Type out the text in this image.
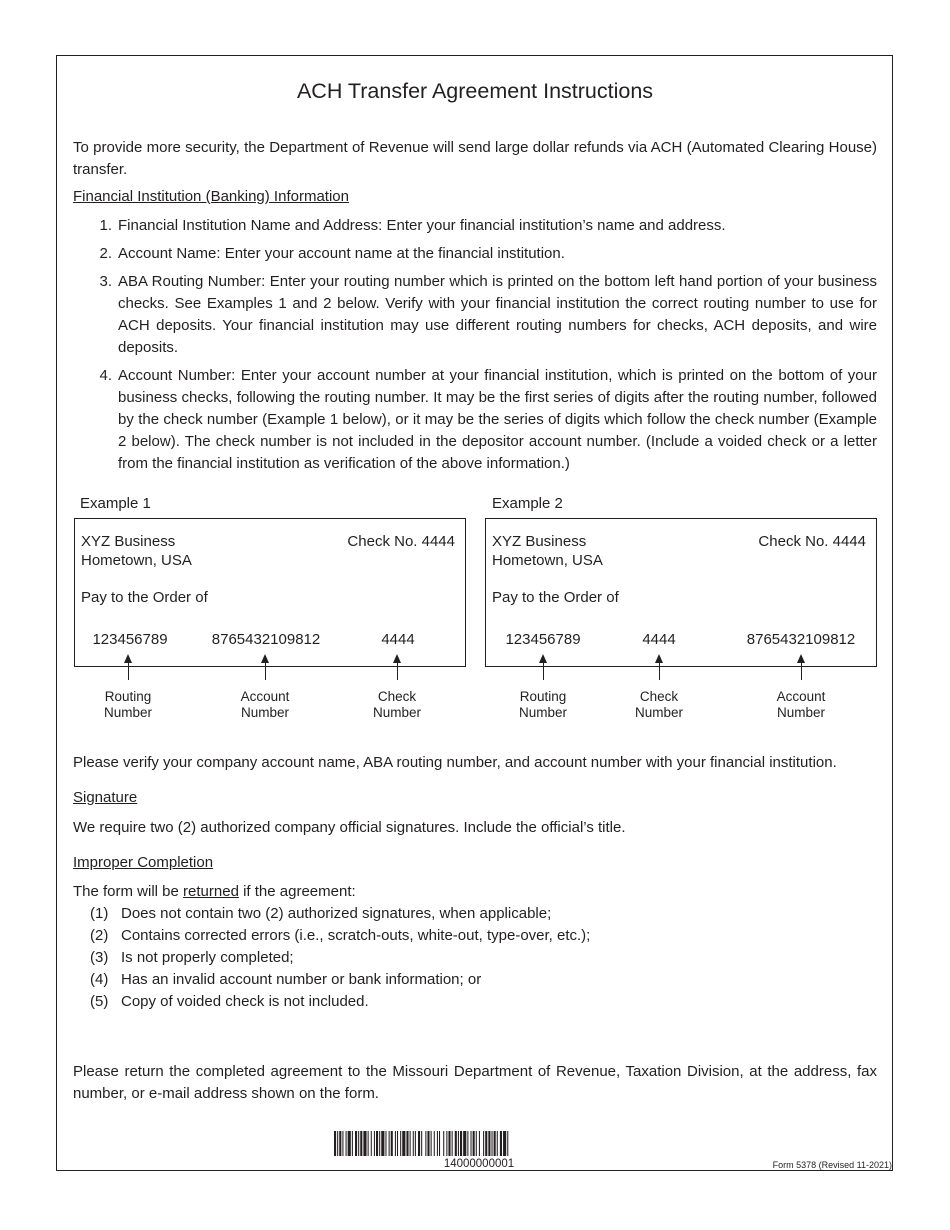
ACH Transfer Agreement Instructions
To provide more security, the Department of Revenue will send large dollar refunds via ACH (Automated Clearing House) transfer.
Financial Institution (Banking) Information
1. Financial Institution Name and Address: Enter your financial institution’s name and address.
2. Account Name: Enter your account name at the financial institution.
3. ABA Routing Number: Enter your routing number which is printed on the bottom left hand portion of your business checks. See Examples 1 and 2 below. Verify with your financial institution the correct routing number to use for ACH deposits. Your financial institution may use different routing numbers for checks, ACH deposits, and wire deposits.
4. Account Number: Enter your account number at your financial institution, which is printed on the bottom of your business checks, following the routing number. It may be the first series of digits after the routing number, followed by the check number (Example 1 below), or it may be the series of digits which follow the check number (Example 2 below). The check number is not included in the depositor account number. (Include a voided check or a letter from the financial institution as verification of the above information.)
Example 1
XYZ Business
Hometown, USA
Check No. 4444
Pay to the Order of
123456789	8765432109812	4444
Routing
Number
Account
Number
Check
Number
Example 2
XYZ Business
Hometown, USA
Check No. 4444
Pay to the Order of
123456789	4444	8765432109812
Routing
Number
Check
Number
Account
Number
Please verify your company account name, ABA routing number, and account number with your financial institution.
Signature
We require two (2) authorized company official signatures. Include the official’s title.
Improper Completion
The form will be returned if the agreement:
(1) Does not contain two (2) authorized signatures, when applicable;
(2) Contains corrected errors (i.e., scratch-outs, white-out, type-over, etc.);
(3) Is not properly completed;
(4) Has an invalid account number or bank information; or
(5) Copy of voided check is not included.
Please return the completed agreement to the Missouri Department of Revenue, Taxation Division, at the address, fax number, or e-mail address shown on the form.
14000000001	Form 5378 (Revised 11-2021)
